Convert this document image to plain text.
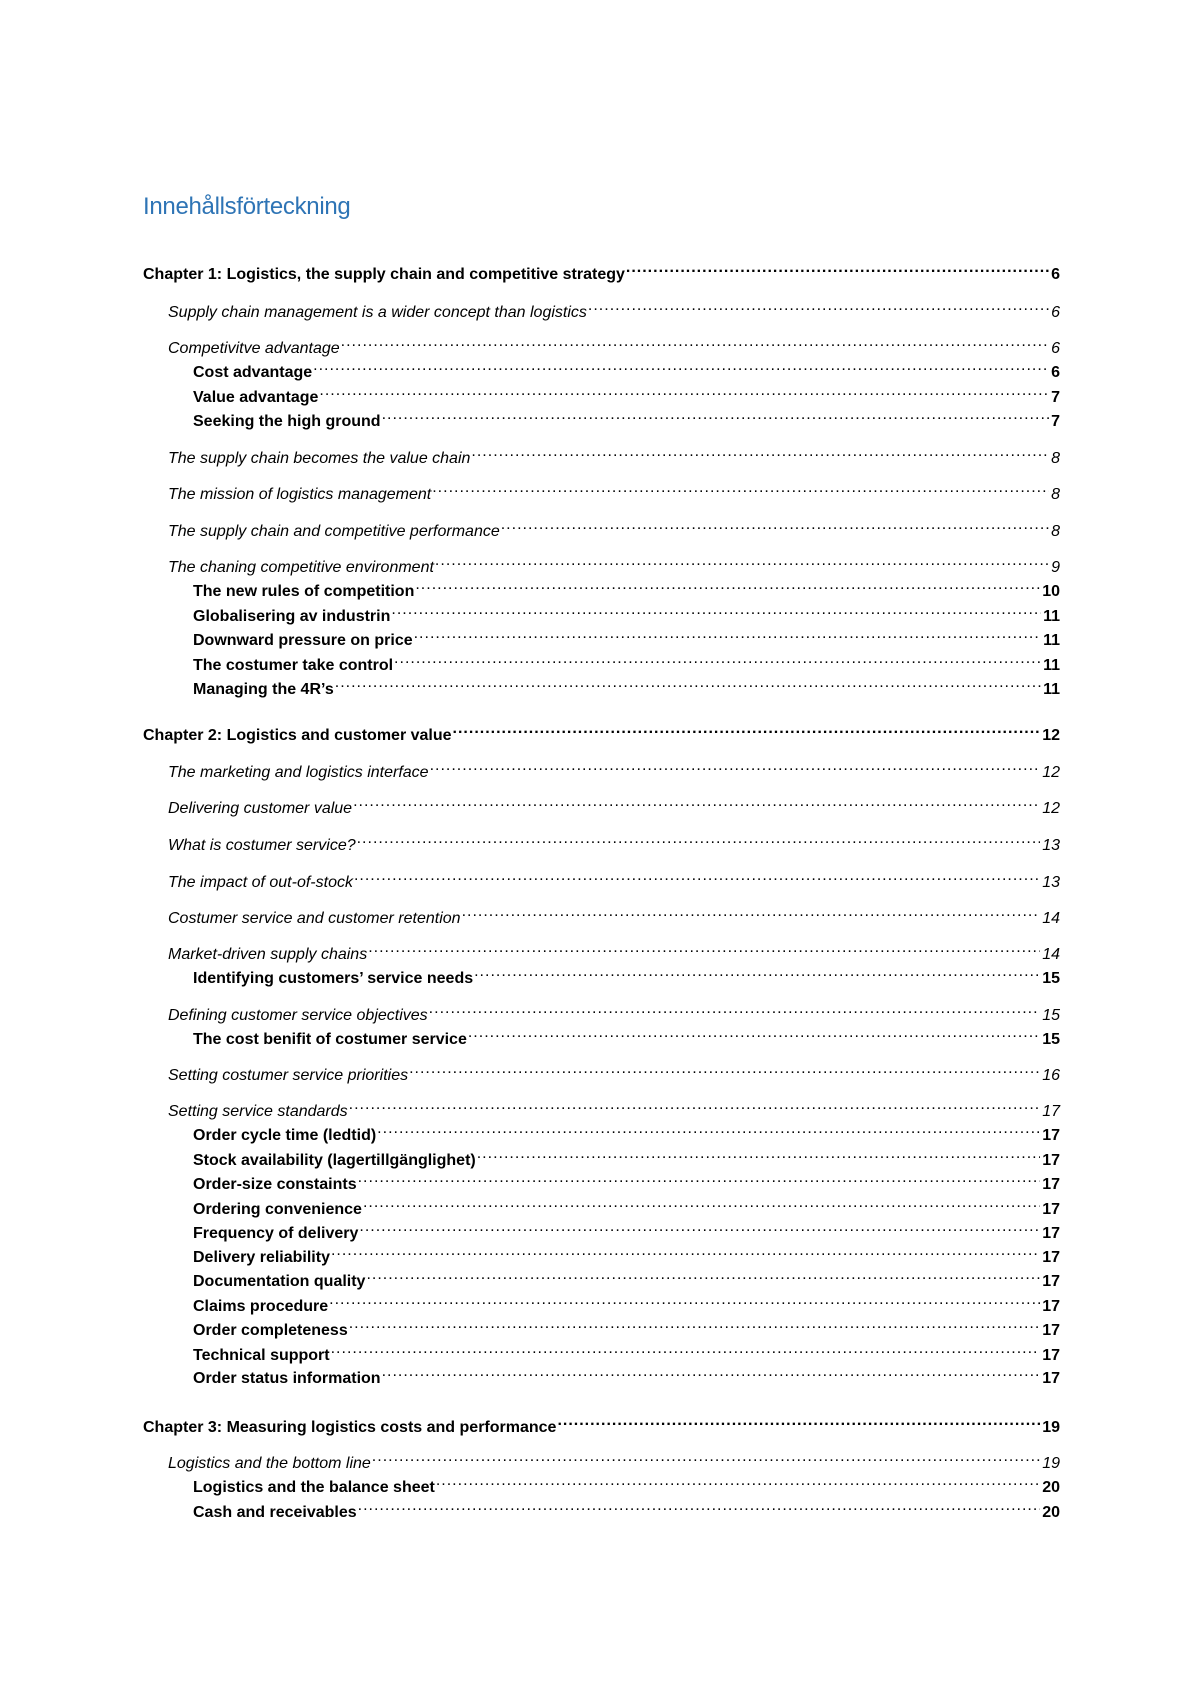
Innehållsförteckning
Chapter 1: Logistics, the supply chain and competitive strategy .....	6
Supply chain management is a wider concept than logistics .....	6
Competivitve advantage .....	6
Cost advantage .....	6
Value advantage .....	7
Seeking the high ground .....	7
The supply chain becomes the value chain .....	8
The mission of logistics management .....	8
The supply chain and competitive performance .....	8
The chaning competitive environment .....	9
The new rules of competition .....	10
Globalisering av industrin .....	11
Downward pressure on price .....	11
The costumer take control .....	11
Managing the 4R’s .....	11
Chapter 2: Logistics and customer value .....	12
The marketing and logistics interface .....	12
Delivering customer value .....	12
What is costumer service? .....	13
The impact of out-of-stock .....	13
Costumer service and customer retention .....	14
Market-driven supply chains .....	14
Identifying customers’ service needs .....	15
Defining customer service objectives .....	15
The cost benifit of costumer service .....	15
Setting costumer service priorities .....	16
Setting service standards .....	17
Order cycle time (ledtid) .....	17
Stock availability (lagertillgänglighet) .....	17
Order-size constaints .....	17
Ordering convenience .....	17
Frequency of delivery .....	17
Delivery reliability .....	17
Documentation quality .....	17
Claims procedure .....	17
Order completeness .....	17
Technical support .....	17
Order status information .....	17
Chapter 3: Measuring logistics costs and performance .....	19
Logistics and the bottom line .....	19
Logistics and the balance sheet .....	20
Cash and receivables .....	20
